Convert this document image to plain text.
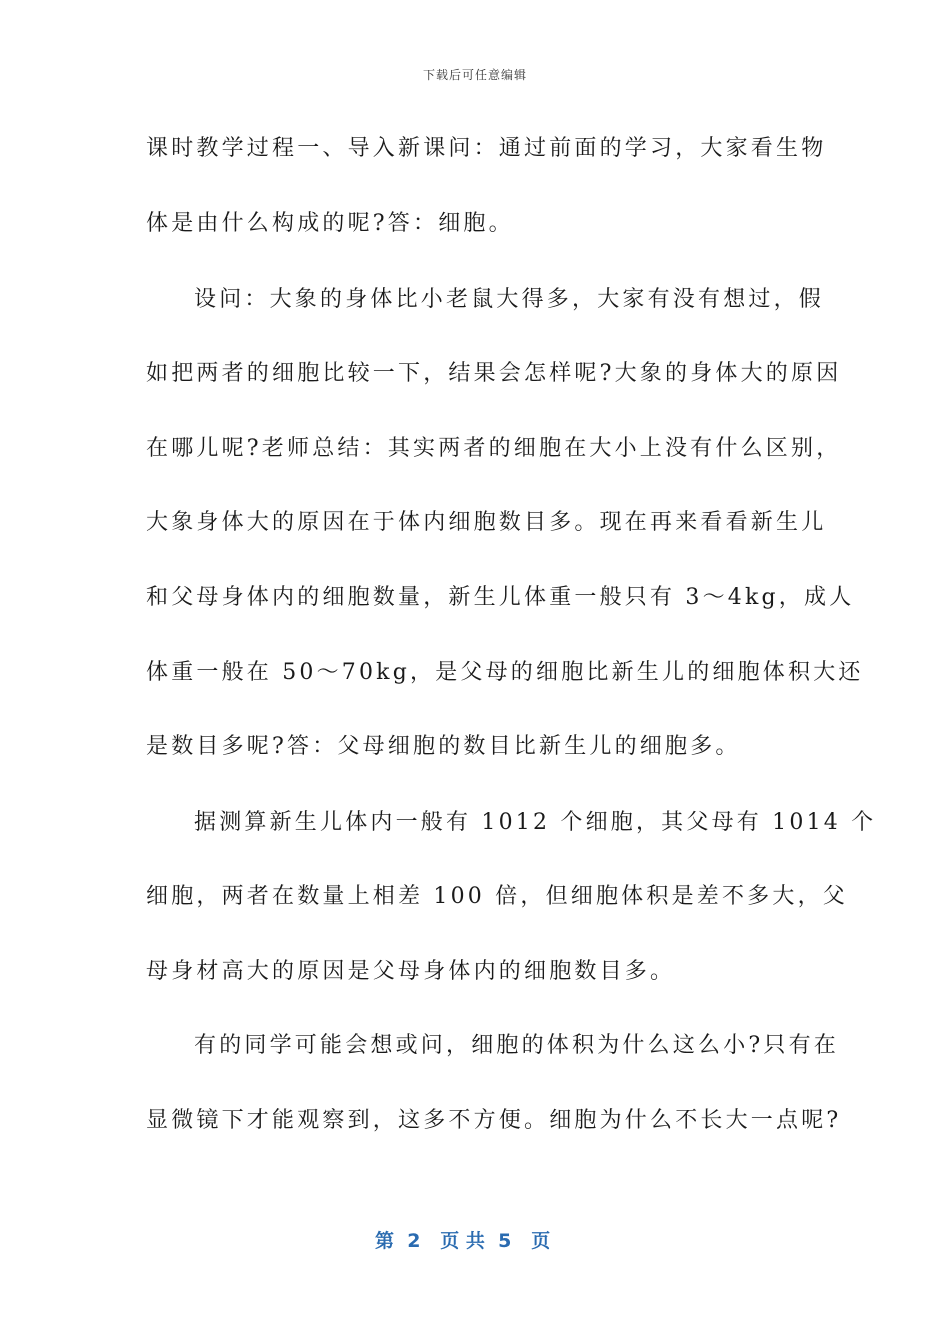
下载后可任意编辑
课时教学过程一、导入新课问：通过前面的学习，大家看生物
体是由什么构成的呢?答：细胞。
设问：大象的身体比小老鼠大得多，大家有没有想过，假
如把两者的细胞比较一下，结果会怎样呢?大象的身体大的原因
在哪儿呢?老师总结：其实两者的细胞在大小上没有什么区别，
大象身体大的原因在于体内细胞数目多。现在再来看看新生儿
和父母身体内的细胞数量，新生儿体重一般只有 3～4kg，成人
体重一般在 50～70kg，是父母的细胞比新生儿的细胞体积大还
是数目多呢?答：父母细胞的数目比新生儿的细胞多。
据测算新生儿体内一般有 1012 个细胞，其父母有 1014 个
细胞，两者在数量上相差 100 倍，但细胞体积是差不多大，父
母身材高大的原因是父母身体内的细胞数目多。
有的同学可能会想或问，细胞的体积为什么这么小?只有在
显微镜下才能观察到，这多不方便。细胞为什么不长大一点呢?
第  2   页 共  5   页
